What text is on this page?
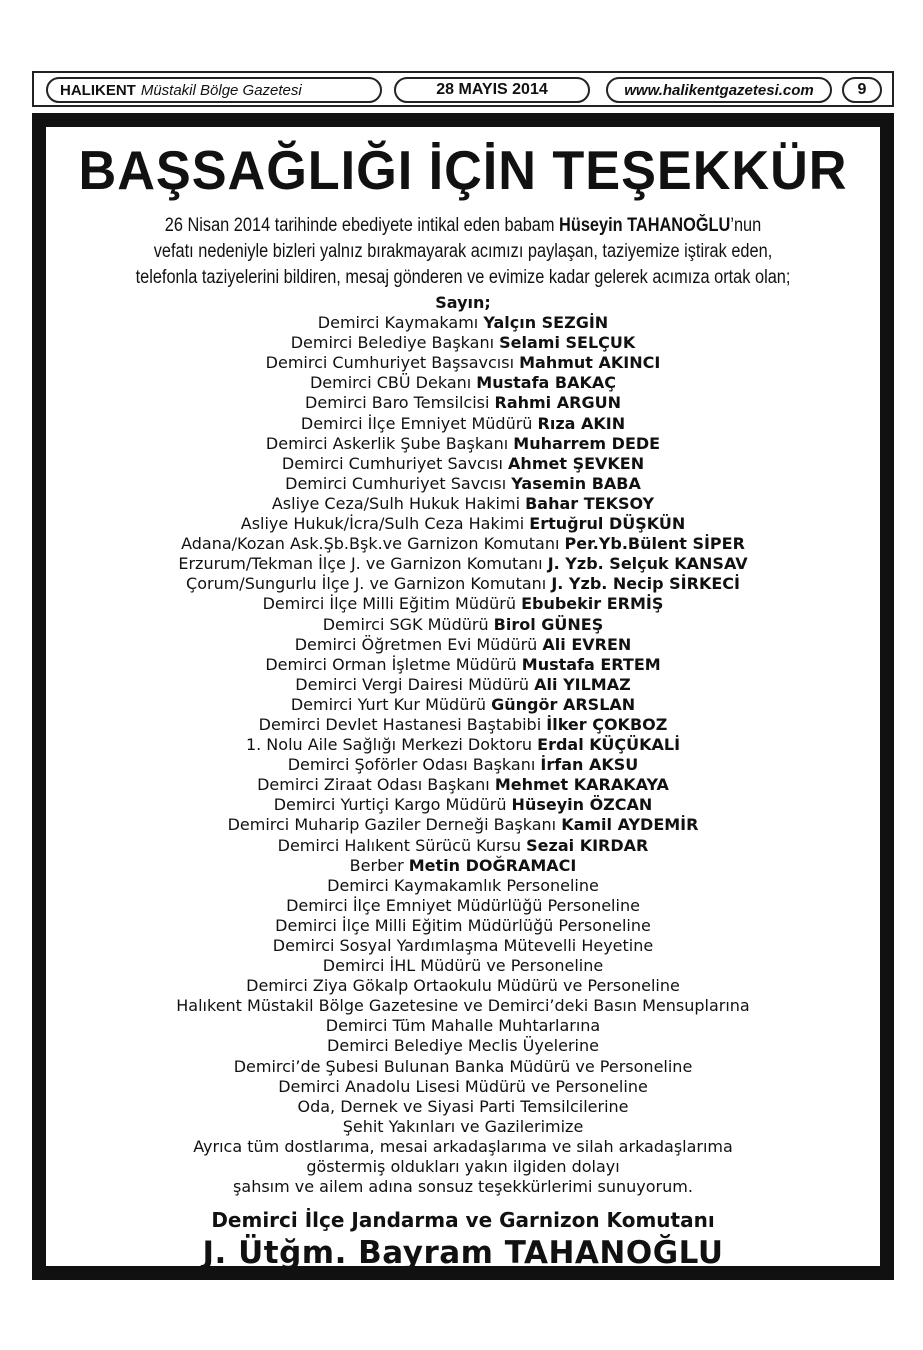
HALIKENT Müstakil Bölge Gazetesi	28 MAYIS 2014	www.halikentgazetesi.com	9
BAŞSAĞLIĞI İÇİN TEŞEKKÜR
26 Nisan 2014 tarihinde ebediyete intikal eden babam Hüseyin TAHANOĞLU’nun
vefatı nedeniyle bizleri yalnız bırakmayarak acımızı paylaşan, taziyemize iştirak eden,
telefonla taziyelerini bildiren, mesaj gönderen ve evimize kadar gelerek acımıza ortak olan;
Sayın;
Demirci Kaymakamı Yalçın SEZGİN
Demirci Belediye Başkanı Selami SELÇUK
Demirci Cumhuriyet Başsavcısı Mahmut AKINCI
Demirci CBÜ Dekanı Mustafa BAKAÇ
Demirci Baro Temsilcisi Rahmi ARGUN
Demirci İlçe Emniyet Müdürü Rıza AKIN
Demirci Askerlik Şube Başkanı Muharrem DEDE
Demirci Cumhuriyet Savcısı Ahmet ŞEVKEN
Demirci Cumhuriyet Savcısı Yasemin BABA
Asliye Ceza/Sulh Hukuk Hakimi Bahar TEKSOY
Asliye Hukuk/İcra/Sulh Ceza Hakimi Ertuğrul DÜŞKÜN
Adana/Kozan Ask.Şb.Bşk.ve Garnizon Komutanı Per.Yb.Bülent SİPER
Erzurum/Tekman İlçe J. ve Garnizon Komutanı J. Yzb. Selçuk KANSAV
Çorum/Sungurlu İlçe J. ve Garnizon Komutanı J. Yzb. Necip SİRKECİ
Demirci İlçe Milli Eğitim Müdürü Ebubekir ERMİŞ
Demirci SGK Müdürü Birol GÜNEŞ
Demirci Öğretmen Evi Müdürü Ali EVREN
Demirci Orman İşletme Müdürü Mustafa ERTEM
Demirci Vergi Dairesi Müdürü Ali YILMAZ
Demirci Yurt Kur Müdürü Güngör ARSLAN
Demirci Devlet Hastanesi Baştabibi İlker ÇOKBOZ
1. Nolu Aile Sağlığı Merkezi Doktoru Erdal KÜÇÜKALİ
Demirci Şoförler Odası Başkanı İrfan AKSU
Demirci Ziraat Odası Başkanı Mehmet KARAKAYA
Demirci Yurtiçi Kargo Müdürü Hüseyin ÖZCAN
Demirci Muharip Gaziler Derneği Başkanı Kamil AYDEMİR
Demirci Halıkent Sürücü Kursu Sezai KIRDAR
Berber Metin DOĞRAMACI
Demirci Kaymakamlık Personeline
Demirci İlçe Emniyet Müdürlüğü Personeline
Demirci İlçe Milli Eğitim Müdürlüğü Personeline
Demirci Sosyal Yardımlaşma Mütevelli Heyetine
Demirci İHL Müdürü ve Personeline
Demirci Ziya Gökalp Ortaokulu Müdürü ve Personeline
Halıkent Müstakil Bölge Gazetesine ve Demirci’deki Basın Mensuplarına
Demirci Tüm Mahalle Muhtarlarına
Demirci Belediye Meclis Üyelerine
Demirci’de Şubesi Bulunan Banka Müdürü ve Personeline
Demirci Anadolu Lisesi Müdürü ve Personeline
Oda, Dernek ve Siyasi Parti Temsilcilerine
Şehit Yakınları ve Gazilerimize
Ayrıca tüm dostlarıma, mesai arkadaşlarıma ve silah arkadaşlarıma
göstermiş oldukları yakın ilgiden dolayı
şahsım ve ailem adına sonsuz teşekkürlerimi sunuyorum.
Demirci İlçe Jandarma ve Garnizon Komutanı
J. Ütğm. Bayram TAHANOĞLU
